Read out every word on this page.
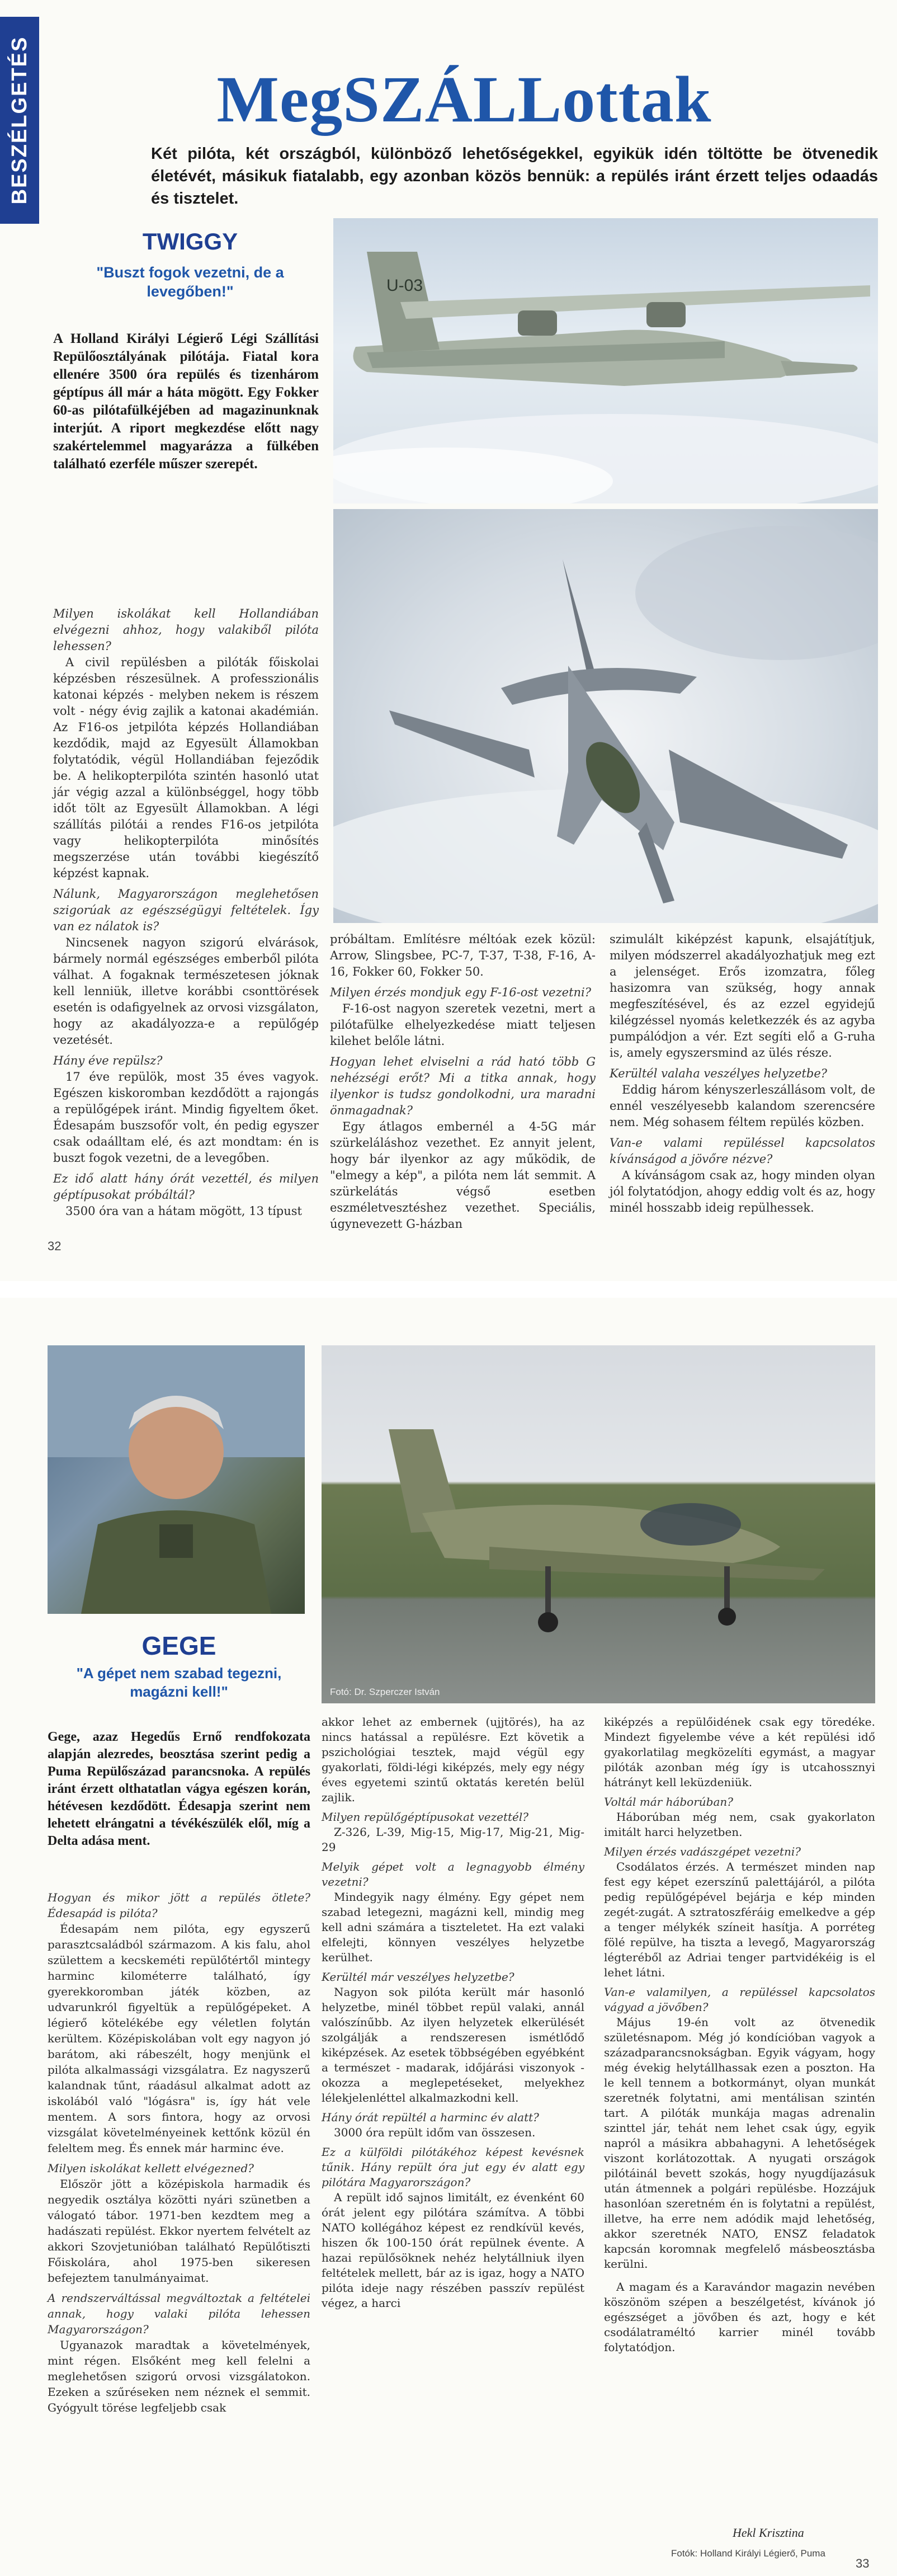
BESZÉLGETÉS	MegSZÁLLottak
Két pilóta, két országból, különböző lehetőségekkel, egyikük idén töltötte be ötvenedik életévét, másikuk fiatalabb, egy azonban közös bennük: a repülés iránt érzett teljes odaadás és tisztelet.
TWIGGY
"Buszt fogok vezetni, de a levegőben!"
A Holland Királyi Légierő Légi Szállítási Repülőosztályának pilótája. Fiatal kora ellenére 3500 óra repülés és tizenhárom géptípus áll már a háta mögött. Egy Fokker 60-as pilótafülkéjében ad magazinunknak interjút. A riport megkezdése előtt nagy szakértelemmel magyarázza a fülkében található ezerféle műszer szerepét.
U-03

Milyen iskolákat kell Hollandiában elvégezni ahhoz, hogy valakiből pilóta lehessen?

A civil repülésben a pilóták főiskolai képzésben részesülnek. A professzionális katonai képzés - melyben nekem is részem volt - négy évig zajlik a katonai akadémián. Az F16-os jetpilóta képzés Hollandiában kezdődik, majd az Egyesült Államokban folytatódik, végül Hollandiában fejeződik be. A helikopterpilóta szintén hasonló utat jár végig azzal a különbséggel, hogy több időt tölt az Egyesült Államokban. A légi szállítás pilótái a rendes F16-os jetpilóta vagy helikopterpilóta minősítés megszerzése után további kiegészítő képzést kapnak.

Nálunk, Magyarországon meglehetősen szigorúak az egészségügyi feltételek. Így van ez nálatok is?

Nincsenek nagyon szigorú elvárások, bármely normál egészséges emberből pilóta válhat. A fogaknak természetesen jóknak kell lenniük, illetve korábbi csonttörések esetén is odafigyelnek az orvosi vizsgálaton, hogy az akadályozza-e a repülőgép vezetését.

Hány éve repülsz?

17 éve repülök, most 35 éves vagyok. Egészen kiskoromban kezdődött a rajongás a repülőgépek iránt. Mindig figyeltem őket. Édesapám buszsofőr volt, én pedig egyszer csak odaálltam elé, és azt mondtam: én is buszt fogok vezetni, de a levegőben.

Ez idő alatt hány órát vezettél, és milyen géptípusokat próbáltál?

3500 óra van a hátam mögött, 13 típust

próbáltam. Említésre méltóak ezek közül: Arrow, Slingsbee, PC-7, T-37, T-38, F-16, A-16, Fokker 60, Fokker 50.

Milyen érzés mondjuk egy F-16-ost vezetni?

F-16-ost nagyon szeretek vezetni, mert a pilótafülke elhelyezkedése miatt teljesen kilehet belőle látni.

Hogyan lehet elviselni a rád ható több G nehézségi erőt? Mi a titka annak, hogy ilyenkor is tudsz gondolkodni, ura maradni önmagadnak?

Egy átlagos embernél a 4-5G már szürkeláláshoz vezethet. Ez annyit jelent, hogy bár ilyenkor az agy működik, de "elmegy a kép", a pilóta nem lát semmit. A szürkelátás végső esetben eszméletvesztéshez vezethet. Speciális, úgynevezett G-házban

szimulált kiképzést kapunk, elsajátítjuk, milyen módszerrel akadályozhatjuk meg ezt a jelenséget. Erős izomzatra, főleg hasizomra van szükség, hogy annak megfeszítésével, és az ezzel egyidejű kilégzéssel nyomás keletkezzék és az agyba pumpálódjon a vér. Ezt segíti elő a G-ruha is, amely egyszersmind az ülés része.

Kerültél valaha veszélyes helyzetbe?

Eddig három kényszerleszállásom volt, de ennél veszélyesebb kalandom szerencsére nem. Még sohasem féltem repülés közben.

Van-e valami repüléssel kapcsolatos kívánságod a jövőre nézve?

A kívánságom csak az, hogy minden olyan jól folytatódjon, ahogy eddig volt és az, hogy minél hosszabb ideig repülhessek.

32
Fotó: Dr. Szperczer István
GEGE
"A gépet nem szabad tegezni, magázni kell!"
Gege, azaz Hegedűs Ernő rendfokozata alapján alezredes, beosztása szerint pedig a Puma Repülőszázad parancsnoka. A repülés iránt érzett olthatatlan vágya egészen korán, hétévesen kezdődött. Édesapja szerint nem lehetett elrángatni a tévékészülék elől, míg a Delta adása ment.

Hogyan és mikor jött a repülés ötlete? Édesapád is pilóta?

Édesapám nem pilóta, egy egyszerű parasztcsaládból származom. A kis falu, ahol születtem a kecskeméti repülőtértől mintegy harminc kilométerre található, így gyerekkoromban játék közben, az udvarunkról figyeltük a repülőgépeket. A légierő kötelékébe egy véletlen folytán kerültem. Középiskolában volt egy nagyon jó barátom, aki rábeszélt, hogy menjünk el pilóta alkalmassági vizsgálatra. Ez nagyszerű kalandnak tűnt, ráadásul alkalmat adott az iskolából való "lógásra" is, így hát vele mentem. A sors fintora, hogy az orvosi vizsgálat követelményeinek kettőnk közül én feleltem meg. És ennek már harminc éve.

Milyen iskolákat kellett elvégezned?

Először jött a középiskola harmadik és negyedik osztálya közötti nyári szünetben a válogató tábor. 1971-ben kezdtem meg a hadászati repülést. Ekkor nyertem felvételt az akkori Szovjetunióban található Repülőtiszti Főiskolára, ahol 1975-ben sikeresen befejeztem tanulmányaimat.

A rendszerváltással megváltoztak a feltételei annak, hogy valaki pilóta lehessen Magyarországon?

Ugyanazok maradtak a követelmények, mint régen. Elsőként meg kell felelni a meglehetősen szigorú orvosi vizsgálatokon. Ezeken a szűréseken nem néznek el semmit. Gyógyult törése legfeljebb csak

akkor lehet az embernek (ujjtörés), ha az nincs hatással a repülésre. Ezt követik a pszichológiai tesztek, majd végül egy gyakorlati, földi-légi kiképzés, mely egy négy éves egyetemi szintű oktatás keretén belül zajlik.

Milyen repülőgéptípusokat vezettél?

Z-326, L-39, Mig-15, Mig-17, Mig-21, Mig-29

Melyik gépet volt a legnagyobb élmény vezetni?

Mindegyik nagy élmény. Egy gépet nem szabad letegezni, magázni kell, mindig meg kell adni számára a tiszteletet. Ha ezt valaki elfelejti, könnyen veszélyes helyzetbe kerülhet.

Kerültél már veszélyes helyzetbe?

Nagyon sok pilóta került már hasonló helyzetbe, minél többet repül valaki, annál valószínűbb. Az ilyen helyzetek elkerülését szolgálják a rendszeresen ismétlődő kiképzések. Az esetek többségében egyébként a természet - madarak, időjárási viszonyok - okozza a meglepetéseket, melyekhez lélekjelenléttel alkalmazkodni kell.

Hány órát repültél a harminc év alatt?

3000 óra repült időm van összesen.

Ez a külföldi pilótákéhoz képest kevésnek tűnik. Hány repült óra jut egy év alatt egy pilótára Magyarországon?

A repült idő sajnos limitált, ez évenként 60 órát jelent egy pilótára számítva. A többi NATO kollégához képest ez rendkívül kevés, hiszen ők 100-150 órát repülnek évente. A hazai repülősöknek nehéz helytállniuk ilyen feltételek mellett, bár az is igaz, hogy a NATO pilóta ideje nagy részében passzív repülést végez, a harci

kiképzés a repülőidének csak egy töredéke. Mindezt figyelembe véve a két repülési idő gyakorlatilag megközelíti egymást, a magyar pilóták azonban még így is utcahossznyi hátrányt kell leküzdeniük.

Voltál már háborúban?

Háborúban még nem, csak gyakorlaton imitált harci helyzetben.

Milyen érzés vadászgépet vezetni?

Csodálatos érzés. A természet minden nap fest egy képet ezerszínű palettájáról, a pilóta pedig repülőgépével bejárja e kép minden zegét-zugát. A sztratoszféráig emelkedve a gép a tenger mélykék színeit hasítja. A porréteg fölé repülve, ha tiszta a levegő, Magyarország légteréből az Adriai tenger partvidékéig is el lehet látni.

Van-e valamilyen, a repüléssel kapcsolatos vágyad a jövőben?

Május 19-én volt az ötvenedik születésnapom. Még jó kondícióban vagyok a századparancsnokságban. Egyik vágyam, hogy még évekig helytállhassak ezen a poszton. Ha le kell tennem a botkormányt, olyan munkát szeretnék folytatni, ami mentálisan szintén tart. A pilóták munkája magas adrenalin szinttel jár, tehát nem lehet csak úgy, egyik napról a másikra abbahagyni. A lehetőségek viszont korlátozottak. A nyugati országok pilótáinál bevett szokás, hogy nyugdíjazásuk után átmennek a polgári repülésbe. Hozzájuk hasonlóan szeretném én is folytatni a repülést, illetve, ha erre nem adódik majd lehetőség, akkor szeretnék NATO, ENSZ feladatok kapcsán koromnak megfelelő másbeosztásba kerülni.

A magam és a Karavándor magazin nevében köszönöm szépen a beszélgetést, kívánok jó egészséget a jövőben és azt, hogy e két csodálatraméltó karrier minél tovább folytatódjon.

Hekl Krisztina
Fotók: Holland Királyi Légierő, Puma
33
